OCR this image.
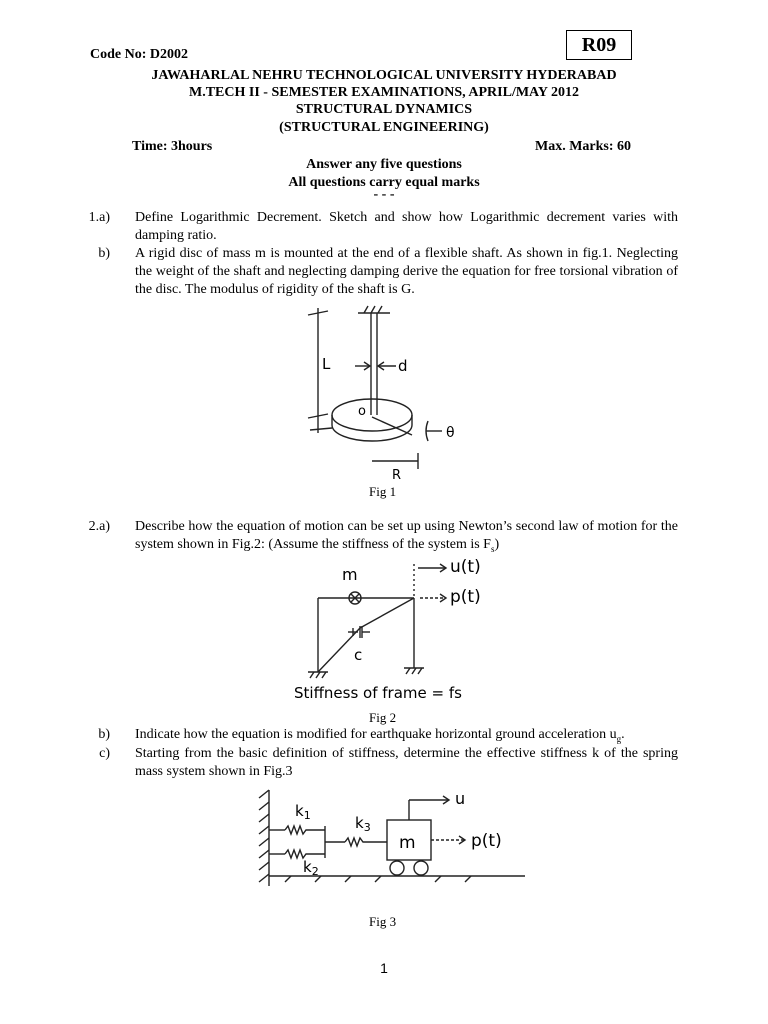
Code No: D2002	R09
JAWAHARLAL NEHRU TECHNOLOGICAL UNIVERSITY HYDERABAD
M.TECH II - SEMESTER EXAMINATIONS, APRIL/MAY 2012
STRUCTURAL DYNAMICS
(STRUCTURAL ENGINEERING)
Time: 3hours	Max. Marks: 60
Answer any five questions
All questions carry equal marks
- - -
1.a) Define Logarithmic Decrement. Sketch and show how Logarithmic decrement varies with damping ratio.
b) A rigid disc of mass m is mounted at the end of a flexible shaft. As shown in fig.1. Neglecting the weight of the shaft and neglecting damping derive the equation for free torsional vibration of the disc. The modulus of rigidity of the shaft is G.
L	d
o
R
θ
Fig 1
2.a) Describe how the equation of motion can be set up using Newton’s second law of motion for the system shown in Fig.2: (Assume the stiffness of the system is $F_s$)
m	u(t)
p(t)
c
Stiffness of frame = fs
Fig 2
b) Indicate how the equation is modified for earthquake horizontal ground acceleration $u_g$.
c) Starting from the basic definition of stiffness, determine the effective stiffness k of the spring mass system shown in Fig.3
$k_1$	$k_3$
$k_2$
m
u
p(t)
Fig 3
1
